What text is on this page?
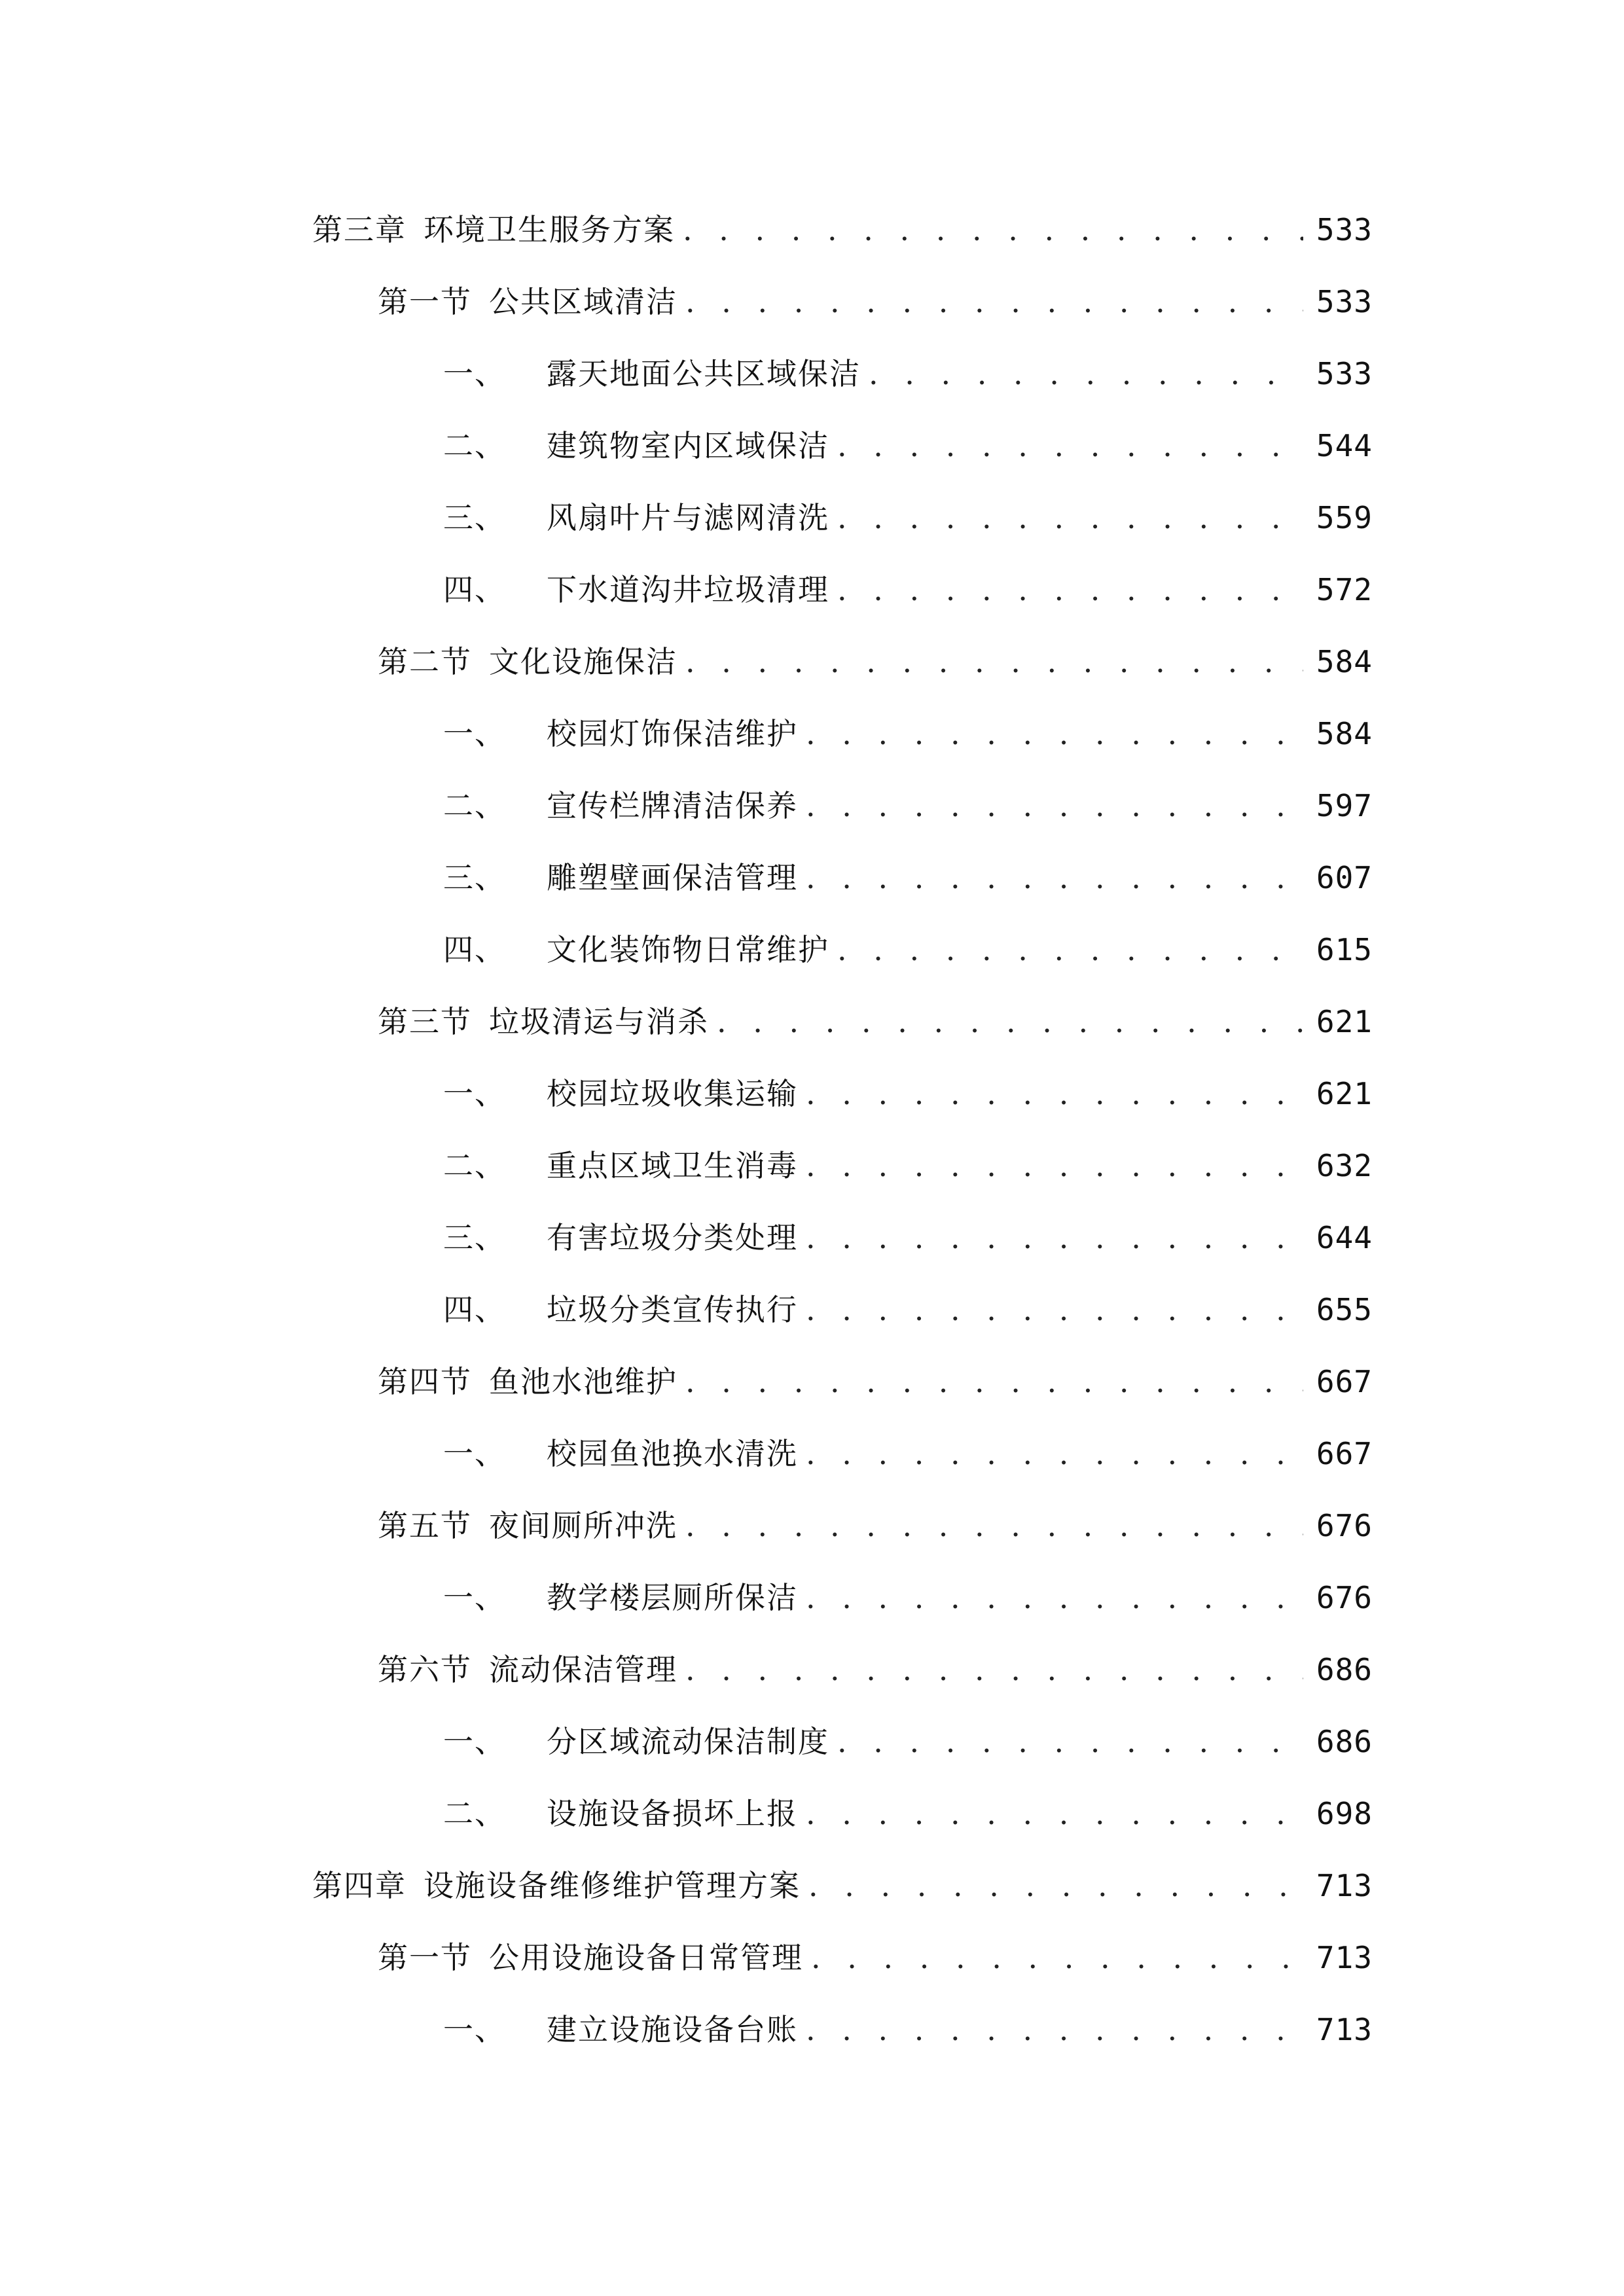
第三章 环境卫生服务方案 . . .	533
第一节 公共区域清洁 . . .	533
一、 露天地面公共区域保洁 . . .	533
二、 建筑物室内区域保洁 . . .	544
三、 风扇叶片与滤网清洗 . . .	559
四、 下水道沟井垃圾清理 . . .	572
第二节 文化设施保洁 . . .	584
一、 校园灯饰保洁维护 . . .	584
二、 宣传栏牌清洁保养 . . .	597
三、 雕塑壁画保洁管理 . . .	607
四、 文化装饰物日常维护 . . .	615
第三节 垃圾清运与消杀 . . .	621
一、 校园垃圾收集运输 . . .	621
二、 重点区域卫生消毒 . . .	632
三、 有害垃圾分类处理 . . .	644
四、 垃圾分类宣传执行 . . .	655
第四节 鱼池水池维护 . . .	667
一、 校园鱼池换水清洗 . . .	667
第五节 夜间厕所冲洗 . . .	676
一、 教学楼层厕所保洁 . . .	676
第六节 流动保洁管理 . . .	686
一、 分区域流动保洁制度 . . .	686
二、 设施设备损坏上报 . . .	698
第四章 设施设备维修维护管理方案 . . .	713
第一节 公用设施设备日常管理 . . .	713
一、 建立设施设备台账 . . .	713
